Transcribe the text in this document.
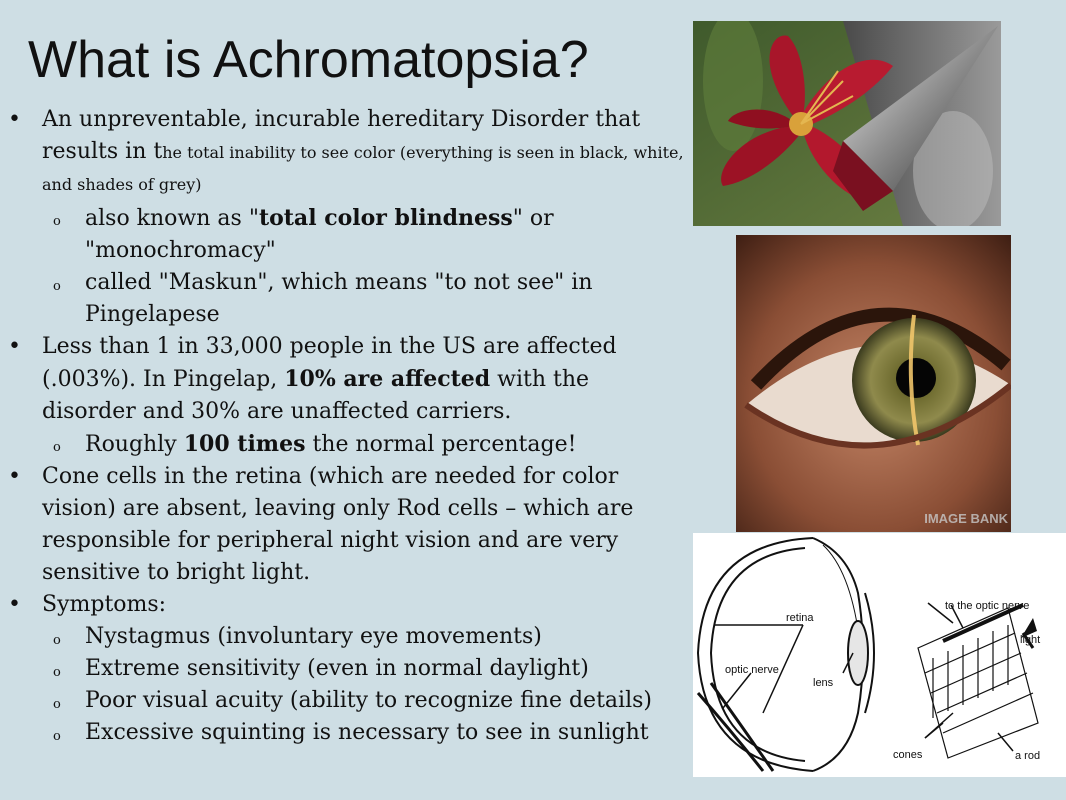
What is Achromatopsia?
• An unpreventable, incurable hereditary Disorder that results in the total inability to see color (everything is seen in black, white, and shades of grey)
o also known as "total color blindness" or "monochromacy"
o called "Maskun", which means "to not see" in Pingelapese
• Less than 1 in 33,000 people in the US are affected (.003%). In Pingelap, 10% are affected with the disorder and 30% are unaffected carriers.
o Roughly 100 times the normal percentage!
• Cone cells in the retina (which are needed for color vision) are absent, leaving only Rod cells – which are responsible for peripheral night vision and are very sensitive to bright light.
• Symptoms:
o Nystagmus (involuntary eye movements)
o Extreme sensitivity (even in normal daylight)
o Poor visual acuity (ability to recognize fine details)
o Excessive squinting is necessary to see in sunlight
IMAGE BANK
retina
optic nerve
lens
to the optic nerve
light
cones	a rod
